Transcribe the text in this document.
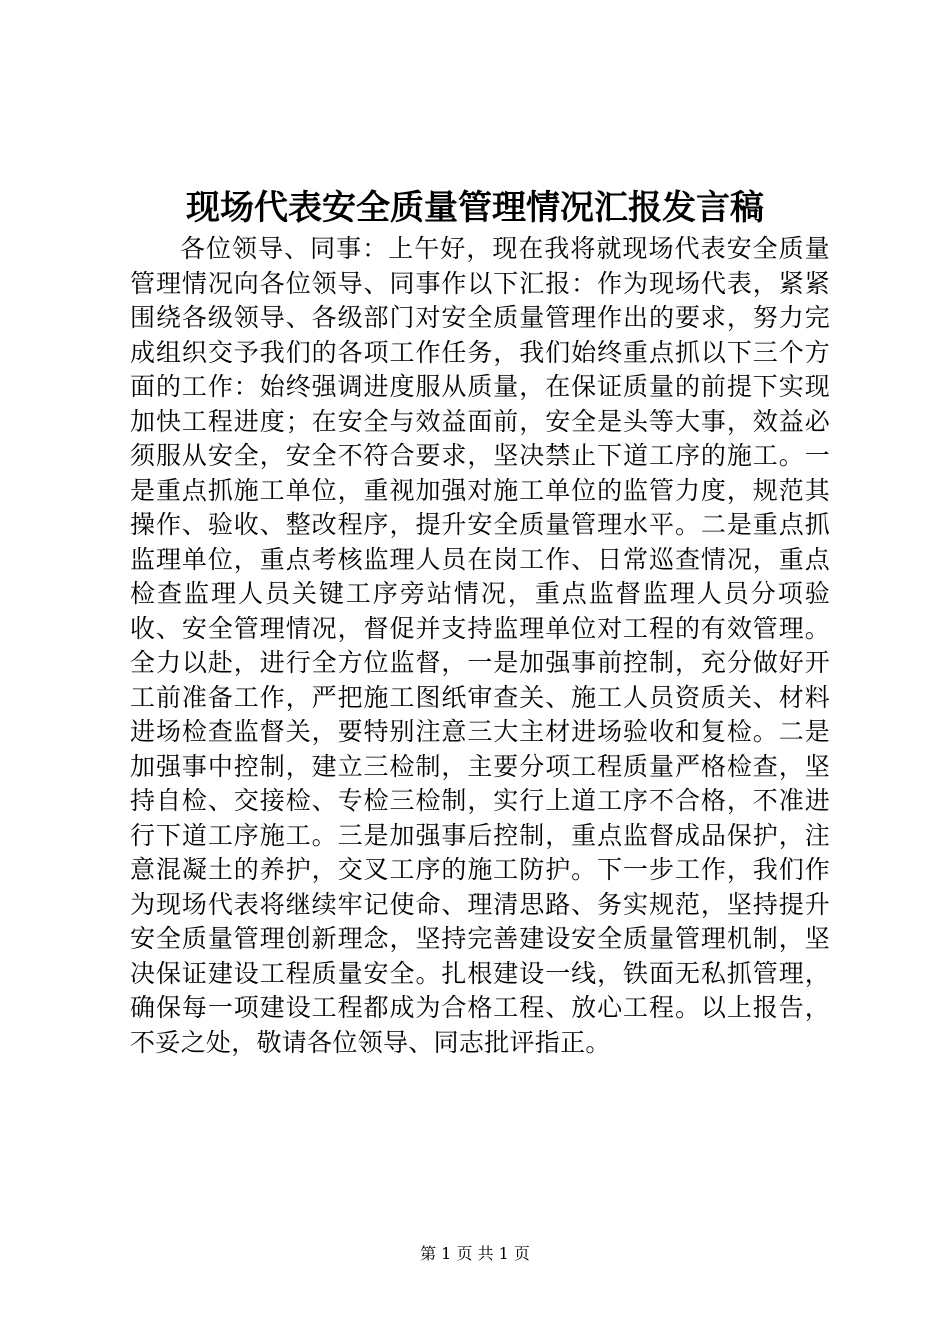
现场代表安全质量管理情况汇报发言稿

各位领导、同事：上午好，现在我将就现场代表安全质量管理情况向各位领导、同事作以下汇报：作为现场代表，紧紧围绕各级领导、各级部门对安全质量管理作出的要求，努力完成组织交予我们的各项工作任务，我们始终重点抓以下三个方面的工作：始终强调进度服从质量，在保证质量的前提下实现加快工程进度；在安全与效益面前，安全是头等大事，效益必须服从安全，安全不符合要求，坚决禁止下道工序的施工。一是重点抓施工单位，重视加强对施工单位的监管力度，规范其操作、验收、整改程序，提升安全质量管理水平。二是重点抓监理单位，重点考核监理人员在岗工作、日常巡查情况，重点检查监理人员关键工序旁站情况，重点监督监理人员分项验收、安全管理情况，督促并支持监理单位对工程的有效管理。全力以赴，进行全方位监督，一是加强事前控制，充分做好开工前准备工作，严把施工图纸审查关、施工人员资质关、材料进场检查监督关，要特别注意三大主材进场验收和复检。二是加强事中控制，建立三检制，主要分项工程质量严格检查，坚持自检、交接检、专检三检制，实行上道工序不合格，不准进行下道工序施工。三是加强事后控制，重点监督成品保护，注意混凝土的养护，交叉工序的施工防护。下一步工作，我们作为现场代表将继续牢记使命、理清思路、务实规范，坚持提升安全质量管理创新理念，坚持完善建设安全质量管理机制，坚决保证建设工程质量安全。扎根建设一线，铁面无私抓管理，确保每一项建设工程都成为合格工程、放心工程。以上报告，不妥之处，敬请各位领导、同志批评指正。

第 1 页 共 1 页
